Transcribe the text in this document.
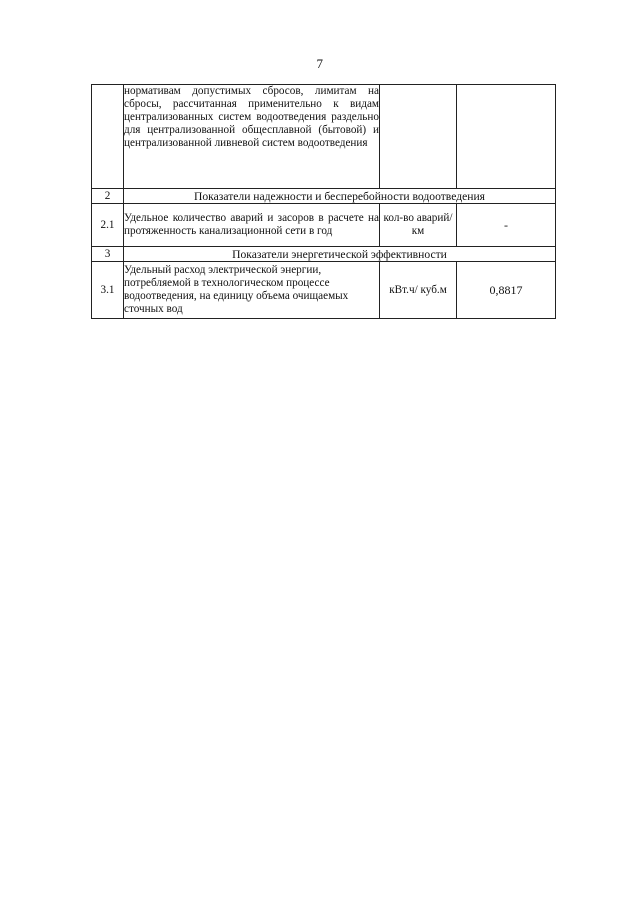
7
	нормативам допустимых сбросов, лимитам на сбросы, рассчитанная применительно к видам централизованных систем водоотведения раздельно для централизованной общесплавной (бытовой) и централизованной ливневой систем водоотведения		
2	Показатели надежности и бесперебойности водоотведения		
2.1	Удельное количество аварий и засоров в расчете на протяженность канализационной сети в год	кол-во аварий/км	-
3	Показатели энергетической эффективности		
3.1	Удельный расход электрической энергии, потребляемой в технологическом процессе водоотведения, на единицу объема очищаемых сточных вод	кВт.ч/ куб.м	0,8817
